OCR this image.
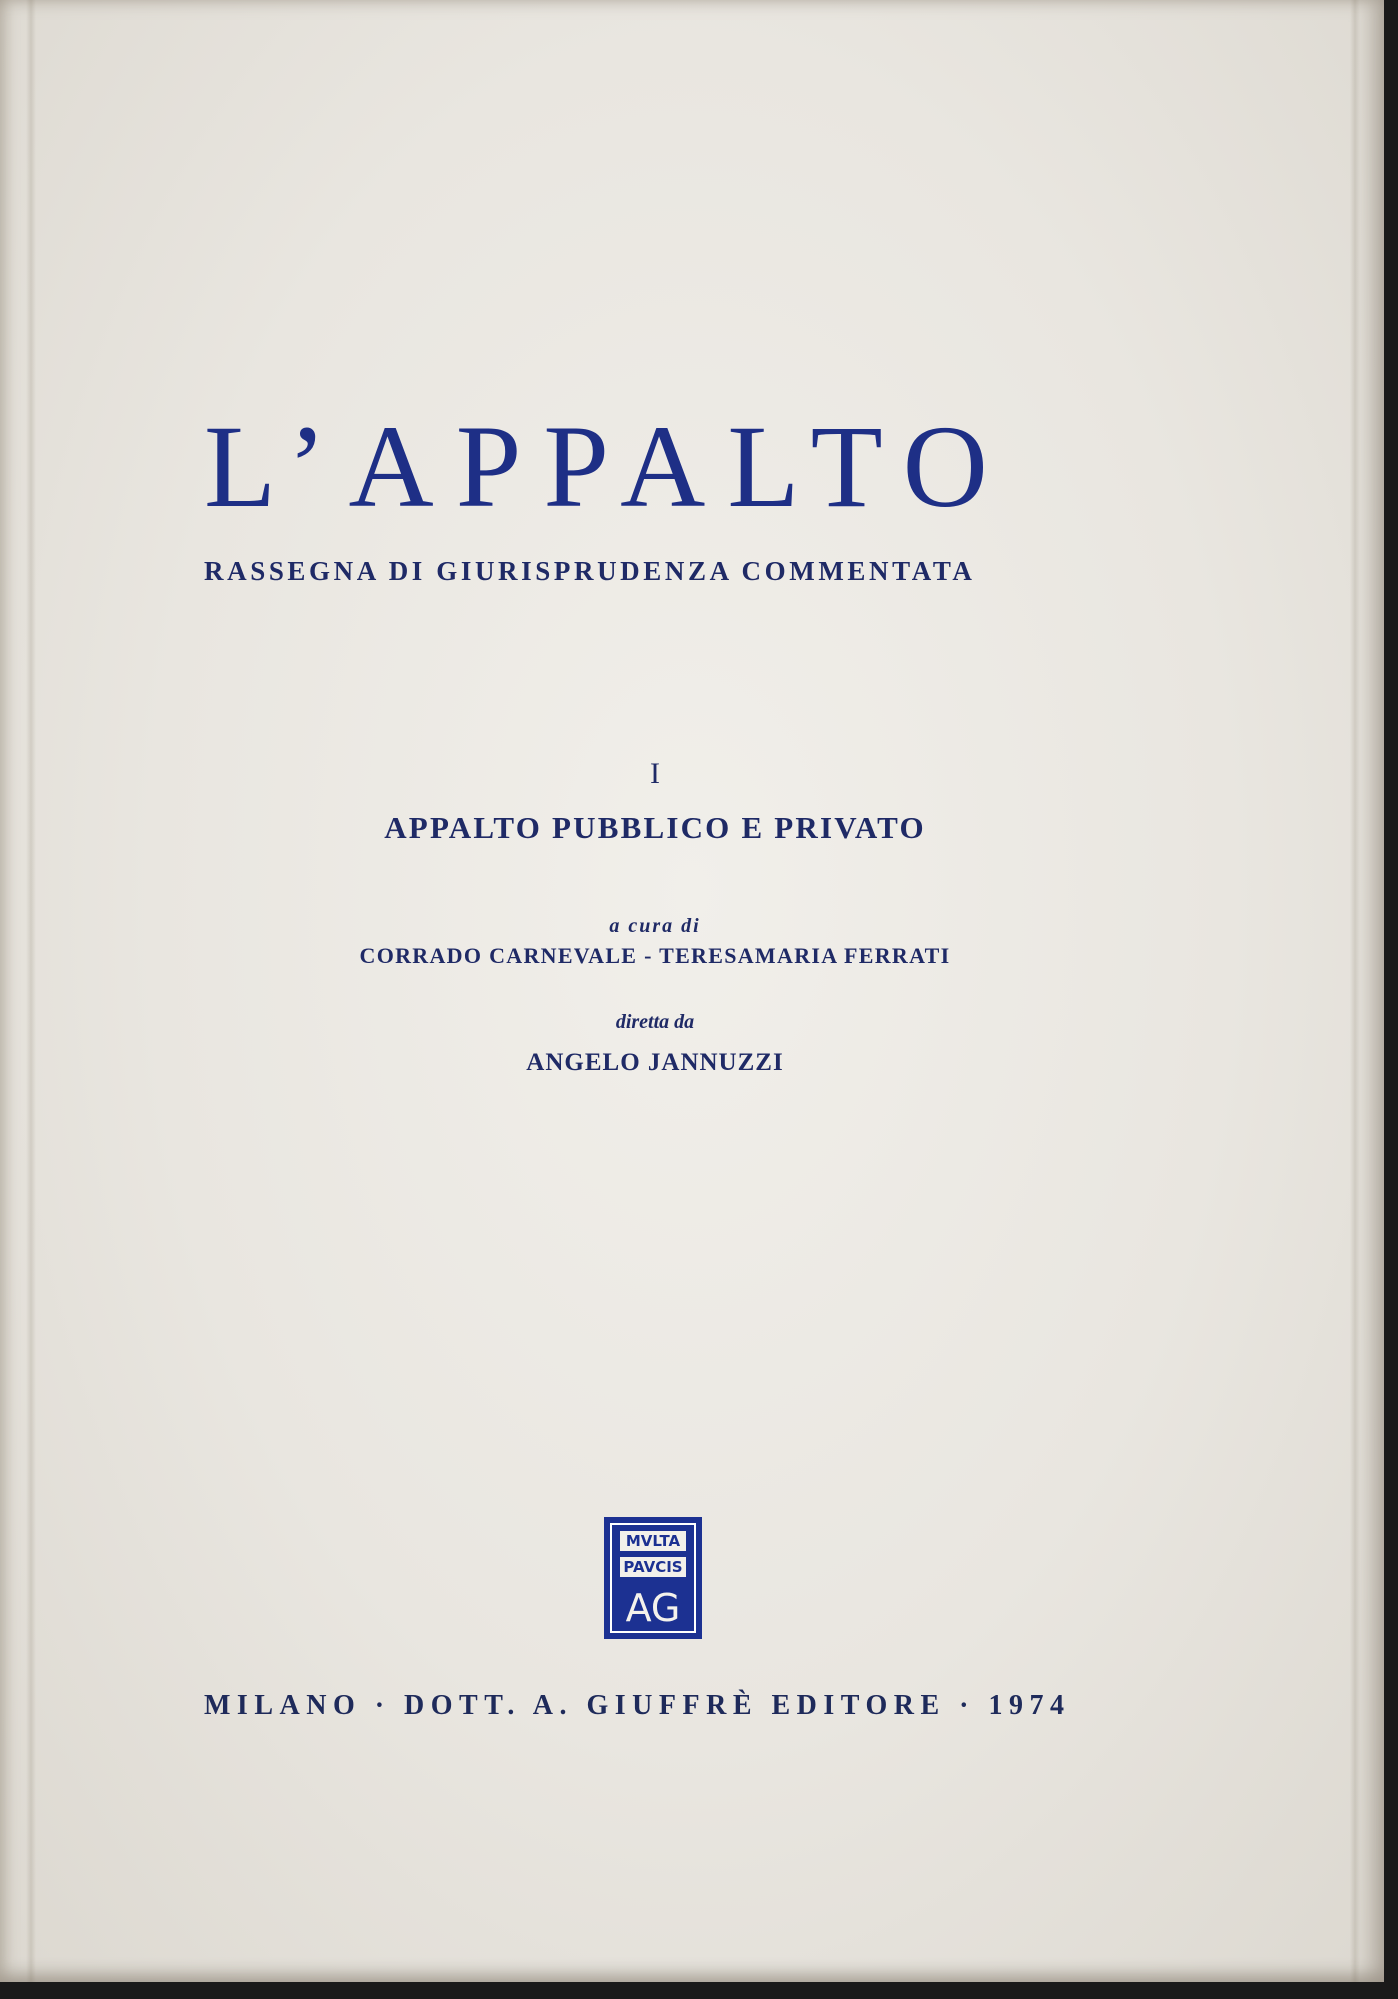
L’APPALTO
RASSEGNA DI GIURISPRUDENZA COMMENTATA
I
APPALTO PUBBLICO E PRIVATO
a cura di
CORRADO CARNEVALE - TERESAMARIA FERRATI
diretta da
ANGELO JANNUZZI
MVLTA
PAVCIS
AG
MILANO · DOTT. A. GIUFFRÈ EDITORE · 1974
